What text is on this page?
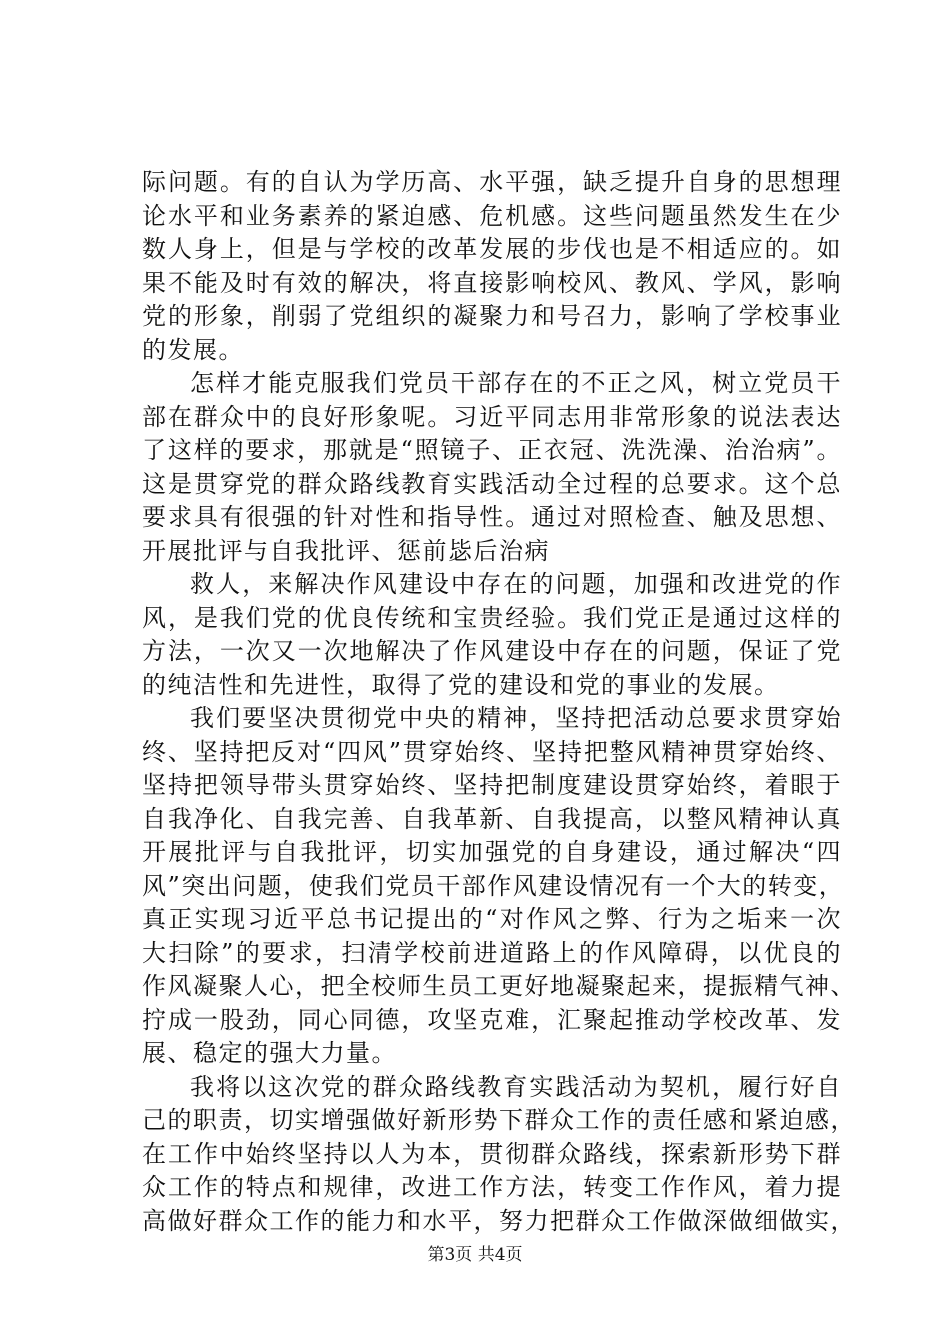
际问题。有的自认为学历高、水平强，缺乏提升自身的思想理
论水平和业务素养的紧迫感、危机感。这些问题虽然发生在少
数人身上，但是与学校的改革发展的步伐也是不相适应的。如
果不能及时有效的解决，将直接影响校风、教风、学风，影响
党的形象，削弱了党组织的凝聚力和号召力，影响了学校事业
的发展。
怎样才能克服我们党员干部存在的不正之风，树立党员干
部在群众中的良好形象呢。习近平同志用非常形象的说法表达
了这样的要求，那就是“照镜子、正衣冠、洗洗澡、治治病”。
这是贯穿党的群众路线教育实践活动全过程的总要求。这个总
要求具有很强的针对性和指导性。通过对照检查、触及思想、
开展批评与自我批评、惩前毖后治病
救人，来解决作风建设中存在的问题，加强和改进党的作
风，是我们党的优良传统和宝贵经验。我们党正是通过这样的
方法，一次又一次地解决了作风建设中存在的问题，保证了党
的纯洁性和先进性，取得了党的建设和党的事业的发展。
我们要坚决贯彻党中央的精神，坚持把活动总要求贯穿始
终、坚持把反对“四风”贯穿始终、坚持把整风精神贯穿始终、
坚持把领导带头贯穿始终、坚持把制度建设贯穿始终，着眼于
自我净化、自我完善、自我革新、自我提高，以整风精神认真
开展批评与自我批评，切实加强党的自身建设，通过解决“四
风”突出问题，使我们党员干部作风建设情况有一个大的转变，
真正实现习近平总书记提出的“对作风之弊、行为之垢来一次
大扫除”的要求，扫清学校前进道路上的作风障碍，以优良的
作风凝聚人心，把全校师生员工更好地凝聚起来，提振精气神、
拧成一股劲，同心同德，攻坚克难，汇聚起推动学校改革、发
展、稳定的强大力量。
我将以这次党的群众路线教育实践活动为契机，履行好自
己的职责，切实增强做好新形势下群众工作的责任感和紧迫感，
在工作中始终坚持以人为本，贯彻群众路线，探索新形势下群
众工作的特点和规律，改进工作方法，转变工作作风，着力提
高做好群众工作的能力和水平，努力把群众工作做深做细做实，
第3页 共4页
